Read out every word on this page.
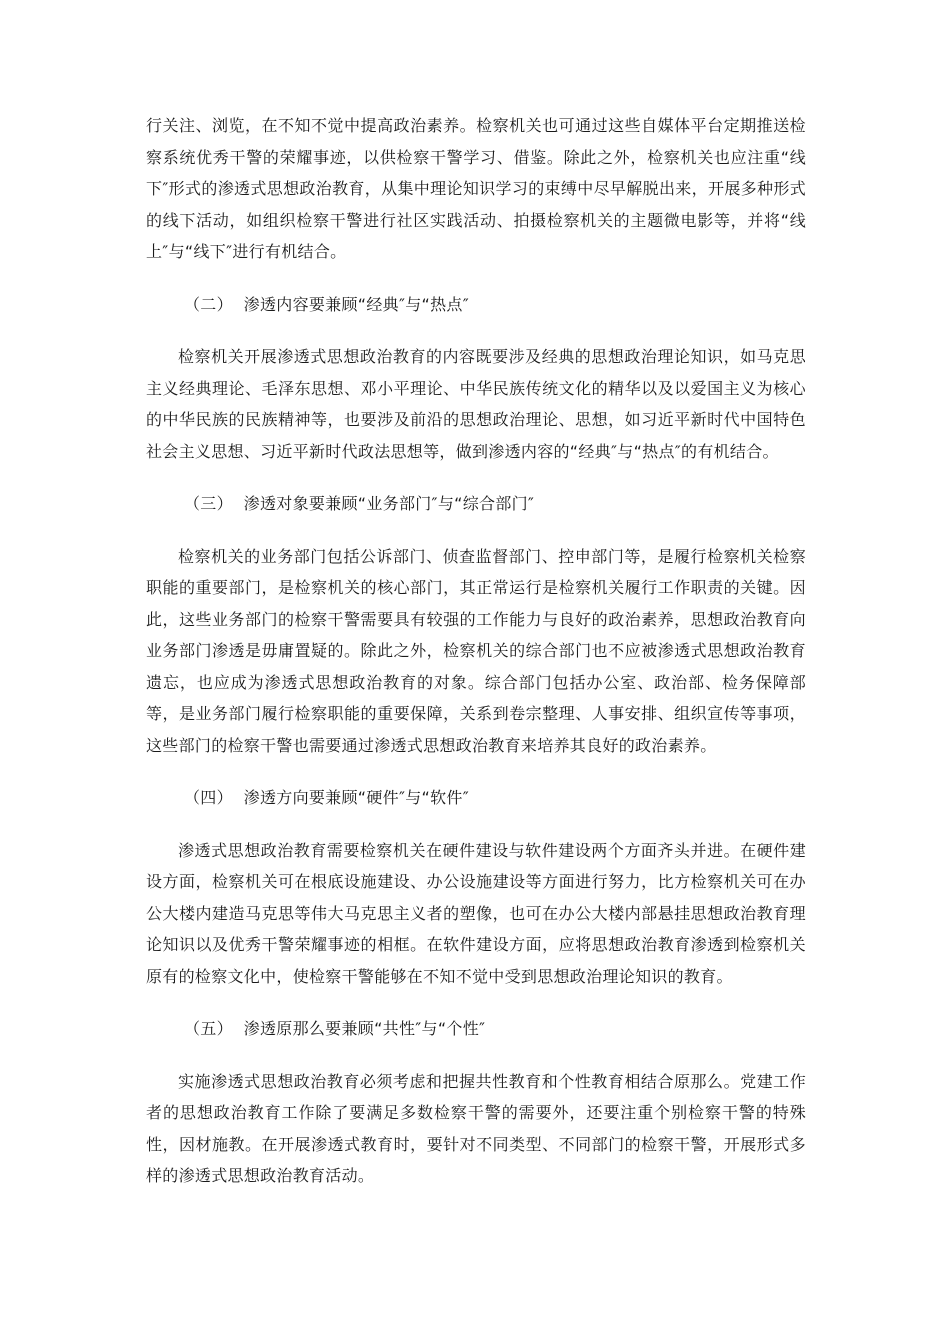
行关注、浏览，在不知不觉中提高政治素养。检察机关也可通过这些自媒体平台定期推送检察系统优秀干警的荣耀事迹，以供检察干警学习、借鉴。除此之外，检察机关也应注重“线下″形式的渗透式思想政治教育，从集中理论知识学习的束缚中尽早解脱出来，开展多种形式的线下活动，如组织检察干警进行社区实践活动、拍摄检察机关的主题微电影等，并将“线上″与“线下″进行有机结合。

（二）  渗透内容要兼顾“经典″与“热点″

检察机关开展渗透式思想政治教育的内容既要涉及经典的思想政治理论知识，如马克思主义经典理论、毛泽东思想、邓小平理论、中华民族传统文化的精华以及以爱国主义为核心的中华民族的民族精神等，也要涉及前沿的思想政治理论、思想，如习近平新时代中国特色社会主义思想、习近平新时代政法思想等，做到渗透内容的“经典″与“热点″的有机结合。

（三）  渗透对象要兼顾“业务部门″与“综合部门″

检察机关的业务部门包括公诉部门、侦查监督部门、控申部门等，是履行检察机关检察职能的重要部门，是检察机关的核心部门，其正常运行是检察机关履行工作职责的关键。因此，这些业务部门的检察干警需要具有较强的工作能力与良好的政治素养，思想政治教育向业务部门渗透是毋庸置疑的。除此之外，检察机关的综合部门也不应被渗透式思想政治教育遗忘，也应成为渗透式思想政治教育的对象。综合部门包括办公室、政治部、检务保障部等，是业务部门履行检察职能的重要保障，关系到卷宗整理、人事安排、组织宣传等事项，这些部门的检察干警也需要通过渗透式思想政治教育来培养其良好的政治素养。

（四）  渗透方向要兼顾“硬件″与“软件″

渗透式思想政治教育需要检察机关在硬件建设与软件建设两个方面齐头并进。在硬件建设方面，检察机关可在根底设施建设、办公设施建设等方面进行努力，比方检察机关可在办公大楼内建造马克思等伟大马克思主义者的塑像，也可在办公大楼内部悬挂思想政治教育理论知识以及优秀干警荣耀事迹的相框。在软件建设方面，应将思想政治教育渗透到检察机关原有的检察文化中，使检察干警能够在不知不觉中受到思想政治理论知识的教育。

（五）  渗透原那么要兼顾“共性″与“个性″

实施渗透式思想政治教育必须考虑和把握共性教育和个性教育相结合原那么。党建工作者的思想政治教育工作除了要满足多数检察干警的需要外，还要注重个别检察干警的特殊性，因材施教。在开展渗透式教育时，要针对不同类型、不同部门的检察干警，开展形式多样的渗透式思想政治教育活动。
